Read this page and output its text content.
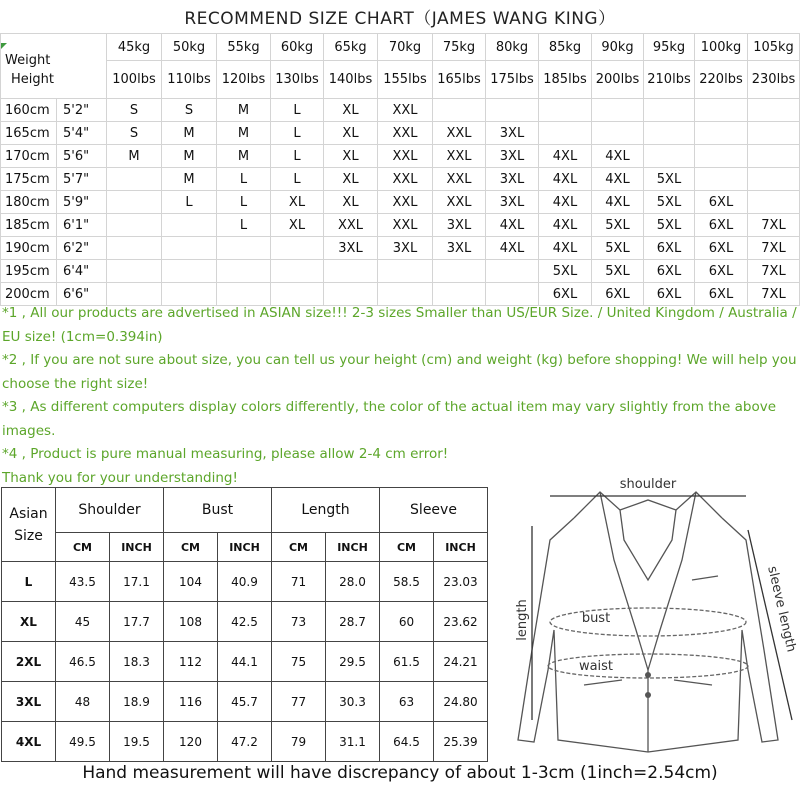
RECOMMEND SIZE CHART（JAMES WANG KING）
Weight
Height		45kg	50kg	55kg	60kg	65kg	70kg	75kg	80kg	85kg	90kg	95kg	100kg	105kg
		100lbs	110lbs	120lbs	130lbs	140lbs	155lbs	165lbs	175lbs	185lbs	200lbs	210lbs	220lbs	230lbs
160cm	5'2"	S	S	M	L	XL	XXL							
165cm	5'4"	S	M	M	L	XL	XXL	XXL	3XL					
170cm	5'6"	M	M	M	L	XL	XXL	XXL	3XL	4XL	4XL			
175cm	5'7"		M	L	L	XL	XXL	XXL	3XL	4XL	4XL	5XL		
180cm	5'9"		L	L	XL	XL	XXL	XXL	3XL	4XL	4XL	5XL	6XL	
185cm	6'1"			L	XL	XXL	XXL	3XL	4XL	4XL	5XL	5XL	6XL	7XL
190cm	6'2"					3XL	3XL	3XL	4XL	4XL	5XL	6XL	6XL	7XL
195cm	6'4"									5XL	5XL	6XL	6XL	7XL
200cm	6'6"									6XL	6XL	6XL	6XL	7XL

*1 , All our products are advertised in ASIAN size!!! 2-3 sizes Smaller than US/EUR Size. / United Kingdom / Australia / EU size! (1cm=0.394in)

*2 , If you are not sure about size, you can tell us your height (cm) and weight (kg) before shopping! We will help you choose the right size!

*3 , As different computers display colors differently, the color of the actual item may vary slightly from the above images.

*4 , Product is pure manual measuring, please allow 2-4 cm error!

Thank you for your understanding!

Asian
Size	Shoulder		Bust		Length		Sleeve	
	CM	INCH	CM	INCH	CM	INCH	CM	INCH
L	43.5	17.1	104	40.9	71	28.0	58.5	23.03
XL	45	17.7	108	42.5	73	28.7	60	23.62
2XL	46.5	18.3	112	44.1	75	29.5	61.5	24.21
3XL	48	18.9	116	45.7	77	30.3	63	24.80
4XL	49.5	19.5	120	47.2	79	31.1	64.5	25.39
shoulder
length	bust
waist
sleeve length
Hand measurement will have discrepancy of about 1-3cm (1inch=2.54cm)
